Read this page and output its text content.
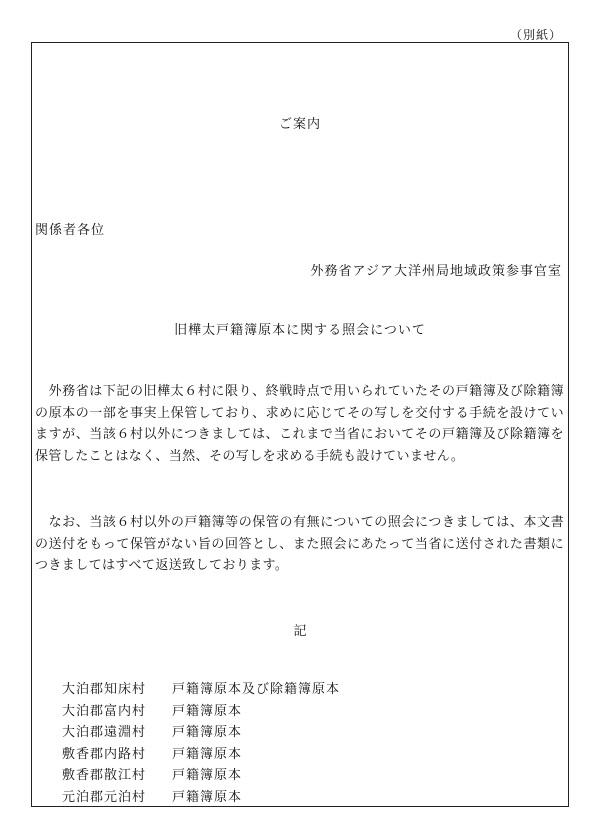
（別紙）
ご案内
関係者各位
外務省アジア大洋州局地域政策参事官室
旧樺太戸籍簿原本に関する照会について

　外務省は下記の旧樺太６村に限り、終戦時点で用いられていたその戸籍簿及び除籍簿の原本の一部を事実上保管しており、求めに応じてその写しを交付する手続を設けていますが、当該６村以外につきましては、これまで当省においてその戸籍簿及び除籍簿を保管したことはなく、当然、その写しを求める手続も設けていません。

　なお、当該６村以外の戸籍簿等の保管の有無についての照会につきましては、本文書の送付をもって保管がない旨の回答とし、また照会にあたって当省に送付された書類につきましてはすべて返送致しております。

記
大泊郡知床村	戸籍簿原本及び除籍簿原本
大泊郡富内村	戸籍簿原本
大泊郡遠淵村	戸籍簿原本
敷香郡内路村	戸籍簿原本
敷香郡散江村	戸籍簿原本
元泊郡元泊村	戸籍簿原本
